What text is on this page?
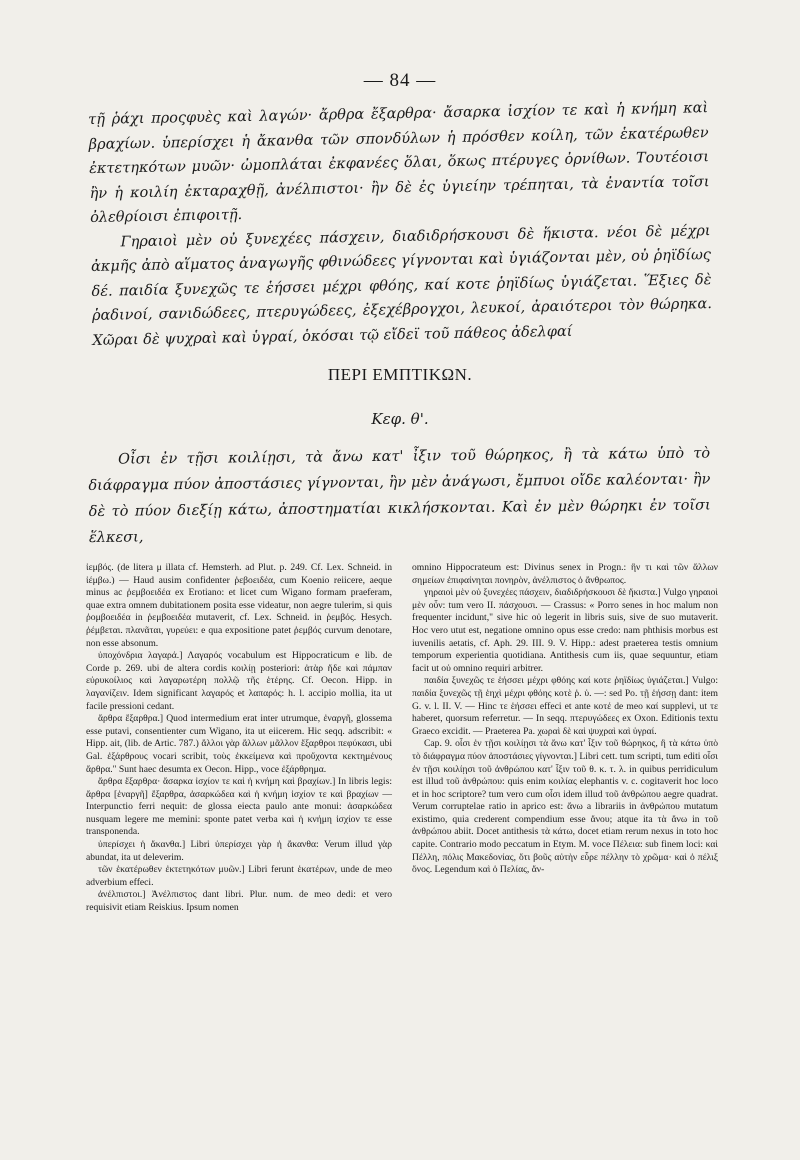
— 84 —

τῇ ῥάχι προςφυὲς καὶ λαγών· ἄρθρα ἔξαρθρα· ἄσαρκα ἰσχίον τε καὶ ἡ κνήμη καὶ βραχίων. ὑπερίσχει ἡ ἄκανθα τῶν σπονδύλων ἡ πρόσθεν κοίλη, τῶν ἑκατέρωθεν ἐκτετηκότων μυῶν· ὠμοπλάται ἐκφανέες ὅλαι, ὅκως πτέρυγες ὀρνίθων. Τουτέοισι ἢν ἡ κοιλίη ἐκταραχθῇ, ἀνέλπιστοι· ἢν δὲ ἐς ὑγιείην τρέπηται, τὰ ἐναντία τοῖσι ὀλεθρίοισι ἐπιφοιτῇ.

Γηραιοὶ μὲν οὐ ξυνεχέες πάσχειν, διαδιδρήσκουσι δὲ ἥκιστα. νέοι δὲ μέχρι ἀκμῆς ἀπὸ αἵματος ἀναγωγῆς φθινώδεες γίγνονται καὶ ὑγιάζονται μὲν, οὐ ῥηϊδίως δέ. παιδία ξυνεχῶς τε ἑήσσει μέχρι φθόης, καί κοτε ῥηϊδίως ὑγιάζεται. Ἕξιες δὲ ῥαδινοί, σανιδώδεες, πτερυγώδεες, ἐξεχέβρογχοι, λευκοί, ἀραιότεροι τὸν θώρηκα. Χῶραι δὲ ψυχραὶ καὶ ὑγραί, ὁκόσαι τῷ εἴδεϊ τοῦ πάθεος ἀδελφαί

ΠΕΡΙ ΕΜΠΤΙΚΩΝ.
Κεφ. θ'.

Οἶσι ἐν τῇσι κοιλίῃσι, τὰ ἄνω κατ' ἶξιν τοῦ θώρηκος, ἢ τὰ κάτω ὑπὸ τὸ διάφραγμα πύον ἀποστάσιες γίγνονται, ἢν μὲν ἀνάγωσι, ἔμπυοι οἴδε καλέονται· ἢν δὲ τὸ πύον διεξίῃ κάτω, ἀποστηματίαι κικλήσκονται. Καὶ ἐν μὲν θώρηκι ἐν τοῖσι ἕλκεσι,

ἰεμβός. (de litera μ illata cf. Hemsterh. ad Plut. p. 249. Cf. Lex. Schneid. in ἰέμβω.) — Haud ausim confidenter ῥεβοειδέα, cum Koenio reiicere, aeque minus ac ῥεμβοειδέα ex Erotiano: et licet cum Wigano formam praeferam, quae extra omnem dubitationem posita esse videatur, non aegre tulerim, si quis ῥομβοειδέα in ῥεμβοειδέα mutaverit, cf. Lex. Schneid. in ῥεμβός. Hesych. ῥέμβεται. πλανᾶται, γυρεύει: e qua expositione patet ῥεμβός curvum denotare, non esse absonum.

ὑποχόνδρια λαγαρά.] Λαγαρός vocabulum est Hippocraticum e lib. de Corde p. 269. ubi de altera cordis κοιλίῃ posteriori: ἀτὰρ ἥδε καὶ πάμπαν εὐρυκοίλιος καὶ λαγαρωτέρη πολλῷ τῆς ἑτέρης. Cf. Oecon. Hipp. in λαγανίζειν. Idem significant λαγαρός et λαπαρός: h. l. accipio mollia, ita ut facile pressioni cedant.

ἄρθρα ἔξαρθρα.] Quod intermedium erat inter utrumque, ἐναργῆ, glossema esse putavi, consentienter cum Wigano, ita ut eiicerem. Hic seqq. adscribit: « Hipp. ait, (lib. de Artic. 787.) ἄλλοι γὰρ ἄλλων μᾶλλον ἔξαρθροι πεφύκασι, ubi Gal. ἐξάρθρους vocari scribit, τοὺς ἐκκείμενα καὶ προὔχοντα κεκτημένους ἄρθρα." Sunt haec desumta ex Oecon. Hipp., voce ἐξάρθρημα.

ἄρθρα ἔξαρθρα· ἄσαρκα ἰσχίον τε καὶ ἡ κνήμη καὶ βραχίων.] In libris legis: ἄρθρα [ἐναργῆ] ἔξαρθρα, ἀσαρκώδεα καὶ ἡ κνήμη ἰσχίον τε καὶ βραχίων — Interpunctio ferri nequit: de glossa eiecta paulo ante monui: ἀσαρκώδεα nusquam legere me memini: sponte patet verba καὶ ἡ κνήμη ἰσχίον τε esse transponenda.

ὑπερίσχει ἡ ἄκανθα.] Libri ὑπερίσχει γὰρ ἡ ἄκανθα: Verum illud γὰρ abundat, ita ut deleverim.

τῶν ἑκατέρωθεν ἐκτετηκότων μυῶν.] Libri ferunt ἑκατέρων, unde de meo adverbium effeci.

ἀνέλπιστοι.] Ἀνέλπιστος dant libri. Plur. num. de meo dedi: et vero requisivit etiam Reiskius. Ipsum nomen

omnino Hippocrateum est: Divinus senex in Progn.: ἢν τι καὶ τῶν ἄλλων σημείων ἐπιφαίνηται πονηρὸν, ἀνέλπιστος ὁ ἄνθρωπος.

γηραιοὶ μὲν οὐ ξυνεχέες πάσχειν, διαδιδρήσκουσι δὲ ἥκιστα.] Vulgo γηραιοὶ μὲν οὖν: tum vero II. πάσχουσι. — Crassus: « Porro senes in hoc malum non frequenter incidunt," sive hic οὐ legerit in libris suis, sive de suo mutaverit. Hoc vero utut est, negatione omnino opus esse credo: nam phthisis morbus est iuvenilis aetatis, cf. Aph. 29. III. 9. V. Hipp.: adest praeterea testis omnium temporum experientia quotidiana. Antithesis cum iis, quae sequuntur, etiam facit ut οὐ omnino requiri arbitrer.

παιδία ξυνεχῶς τε ἑήσσει μέχρι φθόης καί κοτε ῥηϊδίως ὑγιάζεται.] Vulgo: παιδία ξυνεχῶς τῇ ἑηχὶ μέχρι φθόης κοτὲ ῥ. ὑ. —: sed Po. τῇ ἑήσσῃ dant: item G. v. l. II. V. — Hinc τε ἑήσσει effeci et ante κοτέ de meo καί supplevi, ut τε haberet, quorsum referretur. — In seqq. πτερυγώδεες ex Oxon. Editionis textu Graeco excidit. — Praeterea Pa. χωραὶ δὲ καὶ ψυχραὶ καὶ ὑγραί.

Cap. 9. οἶσι ἐν τῇσι κοιλίῃσι τὰ ἄνω κατ' ἶξιν τοῦ θώρηκος, ἢ τὰ κάτω ὑπὸ τὸ διάφραγμα πύον ἀποστάσιες γίγνονται.] Libri cett. tum scripti, tum editi οἶσι ἐν τῇσι κοιλίῃσι τοῦ ἀνθρώπου κατ' ἶξιν τοῦ θ. κ. τ. λ. in quibus perridiculum est illud τοῦ ἀνθρώπου: quis enim κοιλίας elephantis v. c. cogitaverit hoc loco et in hoc scriptore? tum vero cum οἶσι idem illud τοῦ ἀνθρώπου aegre quadrat. Verum corruptelae ratio in aprico est: ἄνω a librariis in ἀνθρώπου mutatum existimo, quia crederent compendium esse ἄνου; atque ita τὰ ἄνω in τοῦ ἀνθρώπου abiit. Docet antithesis τὰ κάτω, docet etiam rerum nexus in toto hoc capite. Contrario modo peccatum in Etym. M. voce Πέλεια: sub finem loci: καὶ Πέλλη, πόλις Μακεδονίας, ὅτι βοῦς αὐτὴν εὗρε πέλλην τὸ χρῶμα· καὶ ὁ πέλιξ ὄνος. Legendum καὶ ὁ Πελίας, ἄν-
